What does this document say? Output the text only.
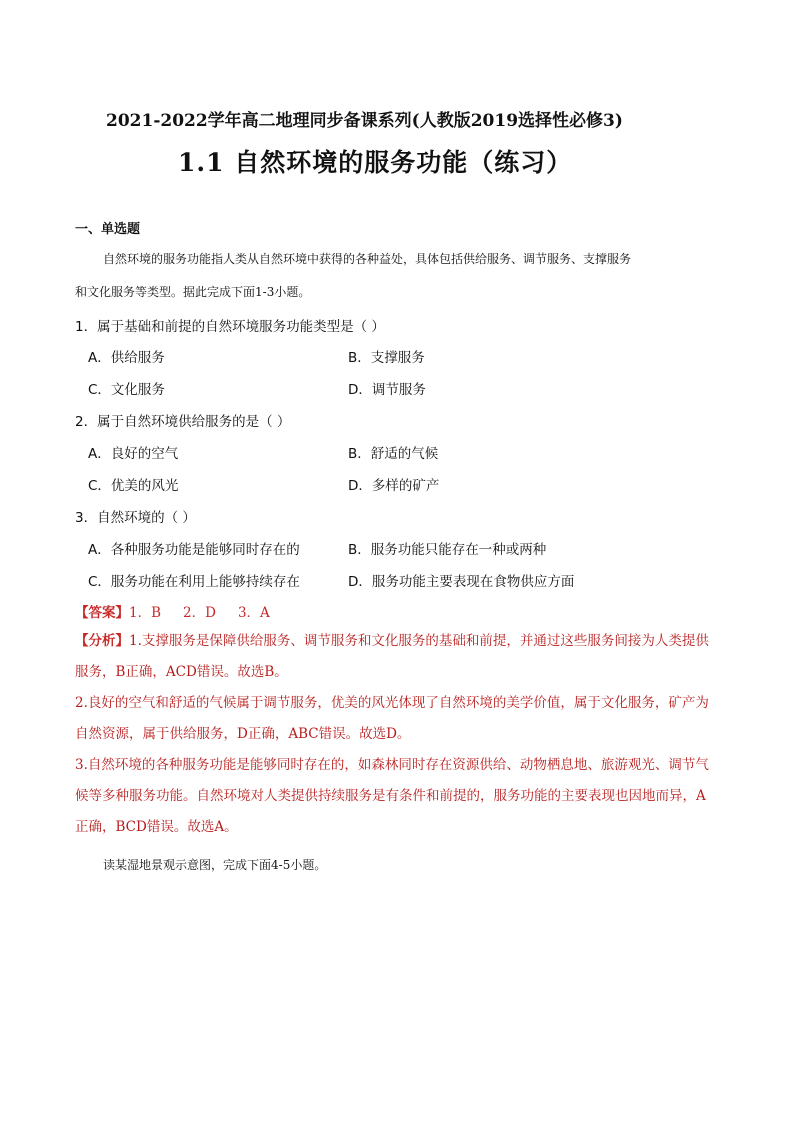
2021-2022学年高二地理同步备课系列(人教版2019选择性必修3)
1.1 自然环境的服务功能（练习）
一、单选题
自然环境的服务功能指人类从自然环境中获得的各种益处，具体包括供给服务、调节服务、支撑服务
和文化服务等类型。据此完成下面1-3小题。
1．属于基础和前提的自然环境服务功能类型是（ ）
A．供给服务	B．支撑服务
C．文化服务	D．调节服务
2．属于自然环境供给服务的是（ ）
A．良好的空气	B．舒适的气候
C．优美的风光	D．多样的矿产
3．自然环境的（ ）
A．各种服务功能是能够同时存在的	B．服务功能只能存在一种或两种
C．服务功能在利用上能够持续存在	D．服务功能主要表现在食物供应方面
【答案】1．B 2．D 3．A
【分析】1.支撑服务是保障供给服务、调节服务和文化服务的基础和前提，并通过这些服务间接为人类提供
服务，B正确，ACD错误。故选B。
2.良好的空气和舒适的气候属于调节服务，优美的风光体现了自然环境的美学价值，属于文化服务，矿产为
自然资源，属于供给服务，D正确，ABC错误。故选D。
3.自然环境的各种服务功能是能够同时存在的，如森林同时存在资源供给、动物栖息地、旅游观光、调节气
候等多种服务功能。自然环境对人类提供持续服务是有条件和前提的，服务功能的主要表现也因地而异，A
正确，BCD错误。故选A。
读某湿地景观示意图，完成下面4-5小题。
